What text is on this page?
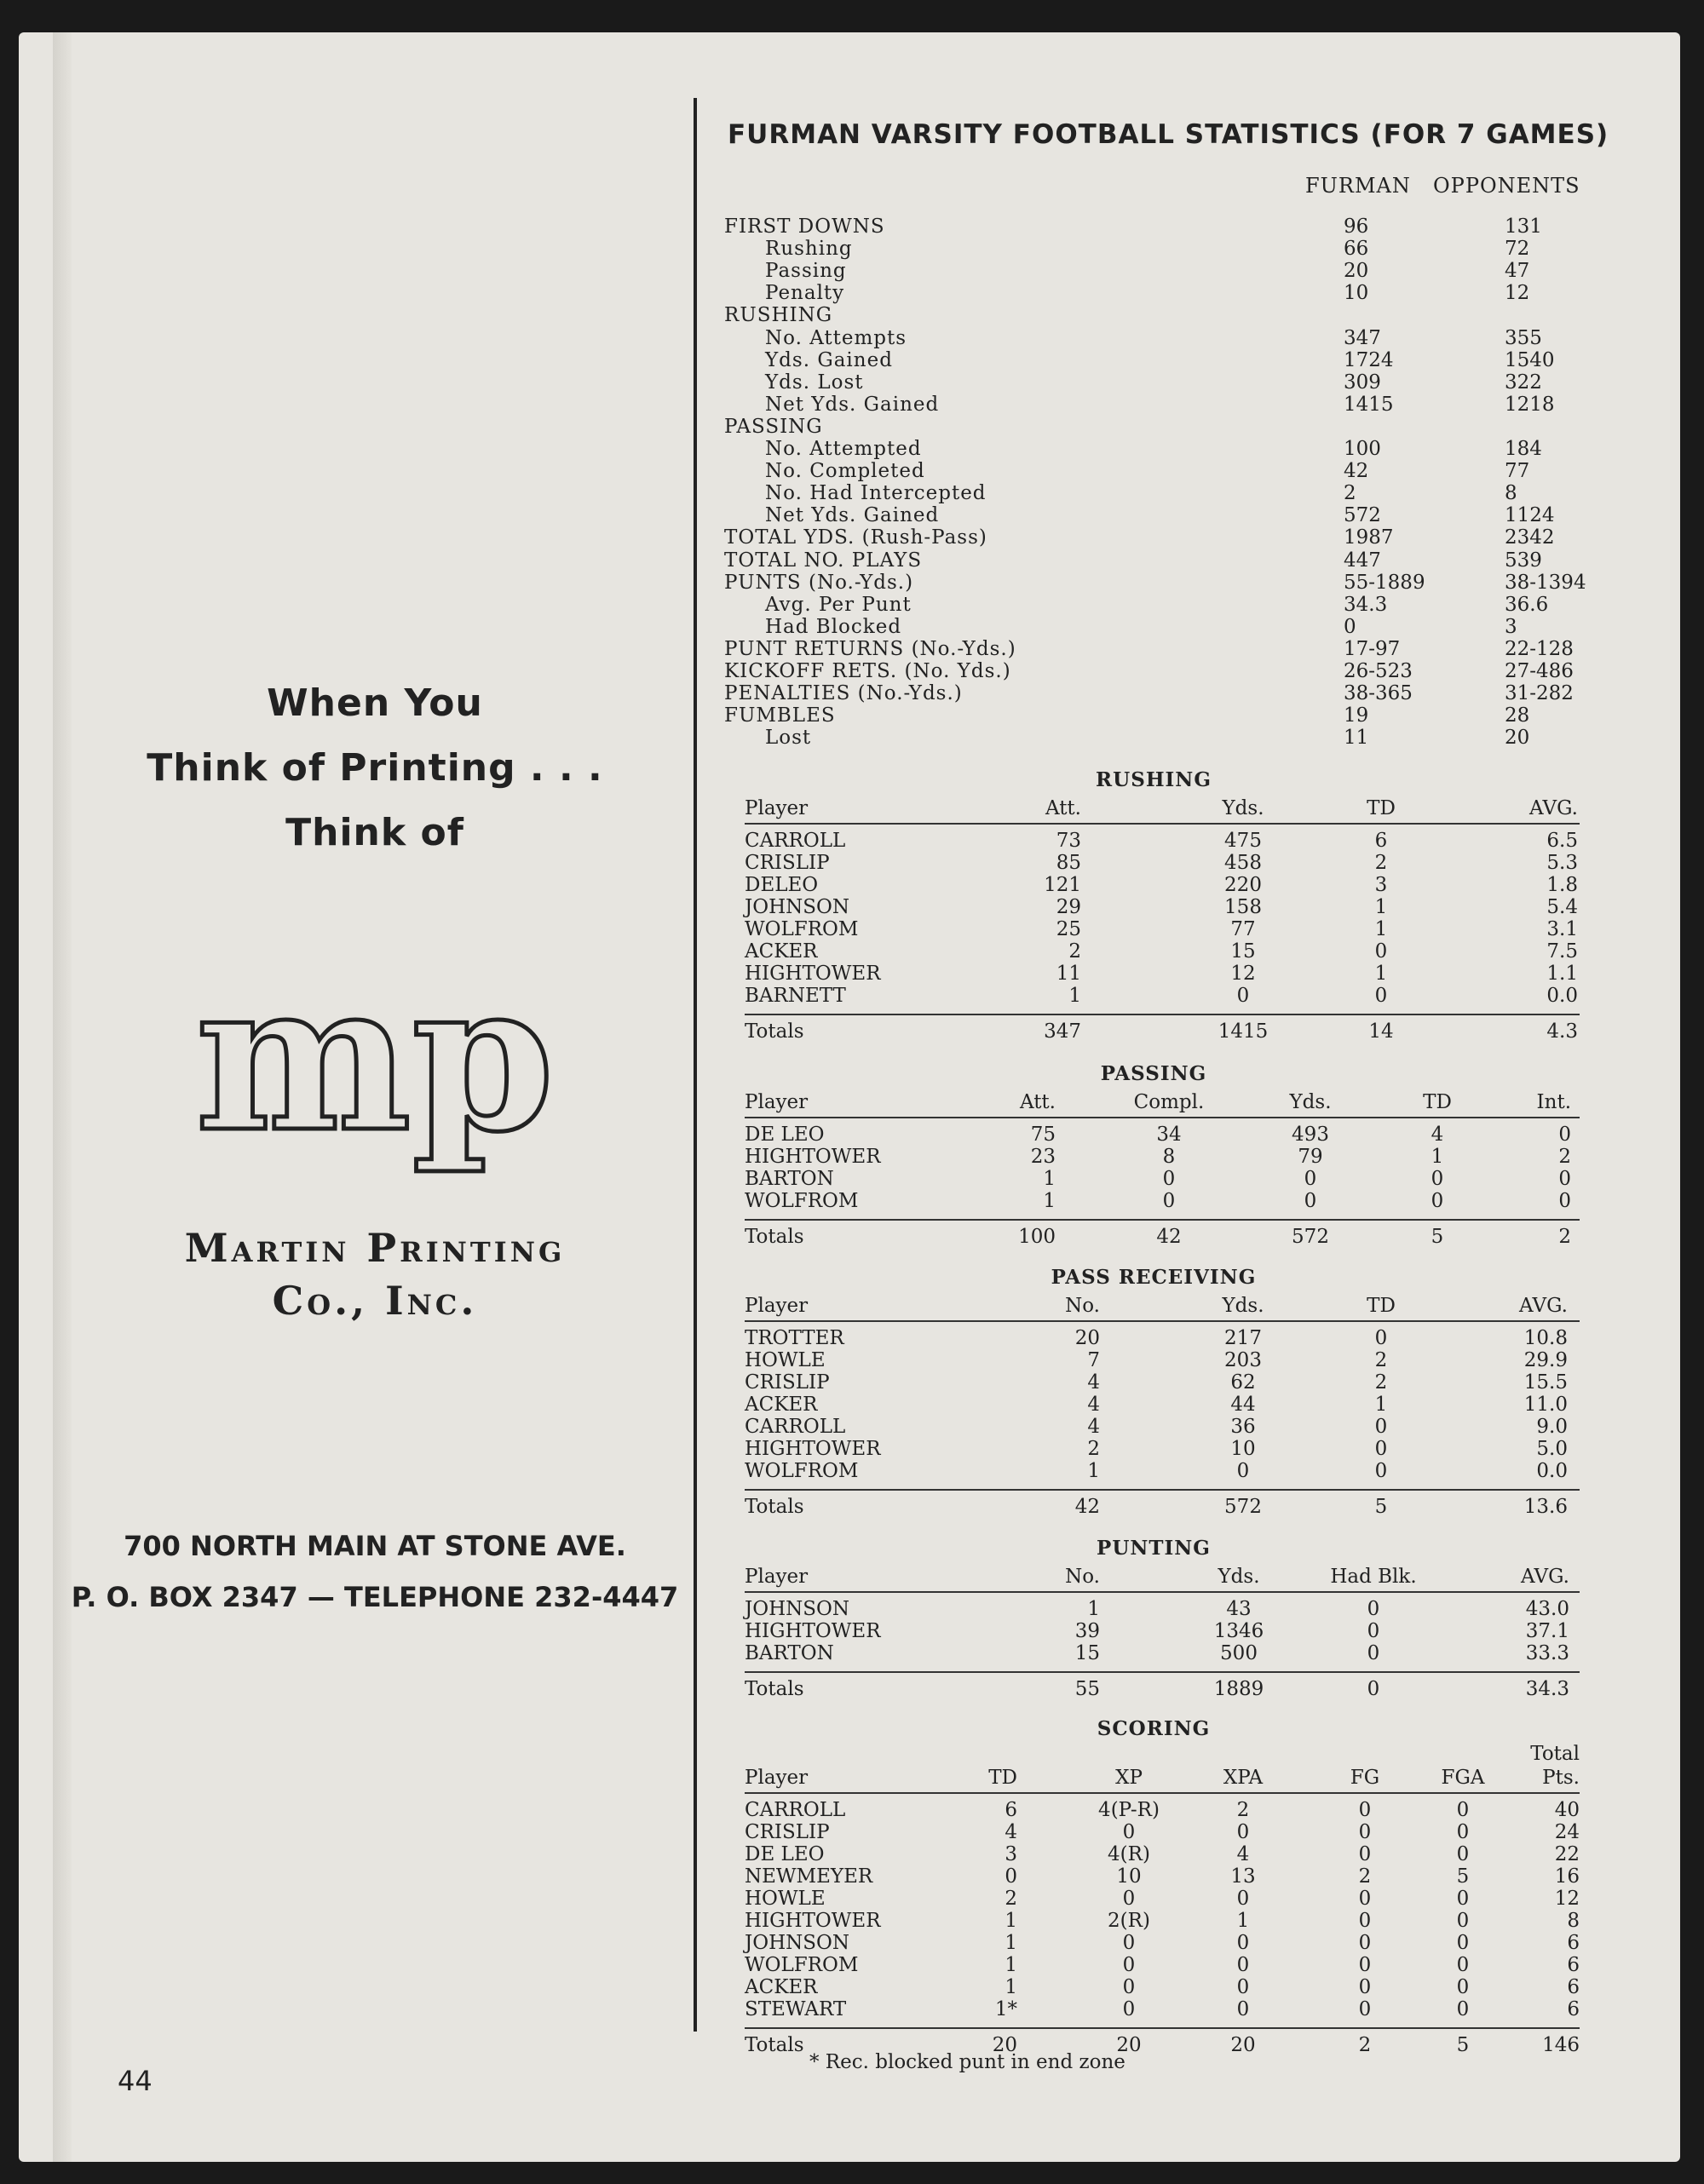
When You
Think of Printing . . .
Think of
mp
Martin Printing
Co., Inc.
700 NORTH MAIN AT STONE AVE.
P. O. BOX 2347 — TELEPHONE 232-4447
44
FURMAN VARSITY FOOTBALL STATISTICS (FOR 7 GAMES)
FURMAN OPPONENTS
FIRST DOWNS	96	131
Rushing	66	72
Passing	20	47
Penalty	10	12
RUSHING
No. Attempts	347	355
Yds. Gained	1724	1540
Yds. Lost	309	322
Net Yds. Gained	1415	1218
PASSING
No. Attempted	100	184
No. Completed	42	77
No. Had Intercepted	2	8
Net Yds. Gained	572	1124
TOTAL YDS. (Rush-Pass)	1987	2342
TOTAL NO. PLAYS	447	539
PUNTS (No.-Yds.)	55-1889	38-1394
Avg. Per Punt	34.3	36.6
Had Blocked	0	3
PUNT RETURNS (No.-Yds.)	17-97	22-128
KICKOFF RETS. (No. Yds.)	26-523	27-486
PENALTIES (No.-Yds.)	38-365	31-282
FUMBLES	19	28
Lost	11	20
RUSHING
Player	Att.	Yds.	TD	AVG.
CARROLL	73	475	6	6.5
CRISLIP	85	458	2	5.3
DELEO	121	220	3	1.8
JOHNSON	29	158	1	5.4
WOLFROM	25	77	1	3.1
ACKER	2	15	0	7.5
HIGHTOWER	11	12	1	1.1
BARNETT	1	0	0	0.0
Totals	347	1415	14	4.3
PASSING
Player	Att.	Compl.	Yds.	TD	Int.
DE LEO	75	34	493	4	0
HIGHTOWER	23	8	79	1	2
BARTON	1	0	0	0	0
WOLFROM	1	0	0	0	0
Totals	100	42	572	5	2
PASS RECEIVING
Player	No.	Yds.	TD	AVG.
TROTTER	20	217	0	10.8
HOWLE	7	203	2	29.9
CRISLIP	4	62	2	15.5
ACKER	4	44	1	11.0
CARROLL	4	36	0	9.0
HIGHTOWER	2	10	0	5.0
WOLFROM	1	0	0	0.0
Totals	42	572	5	13.6
PUNTING
Player	No.	Yds.	Had Blk.	AVG.
JOHNSON	1	43	0	43.0
HIGHTOWER	39	1346	0	37.1
BARTON	15	500	0	33.3
Totals	55	1889	0	34.3
SCORING
Total
Player	TD	XP	XPA	FG	FGA	Pts.
CARROLL	6	4(P-R)	2	0	0	40
CRISLIP	4	0	0	0	0	24
DE LEO	3	4(R)	4	0	0	22
NEWMEYER	0	10	13	2	5	16
HOWLE	2	0	0	0	0	12
HIGHTOWER	1	2(R)	1	0	0	8
JOHNSON	1	0	0	0	0	6
WOLFROM	1	0	0	0	0	6
ACKER	1	0	0	0	0	6
STEWART	1*	0	0	0	0	6
Totals	20	20	20	2	5	146
* Rec. blocked punt in end zone
